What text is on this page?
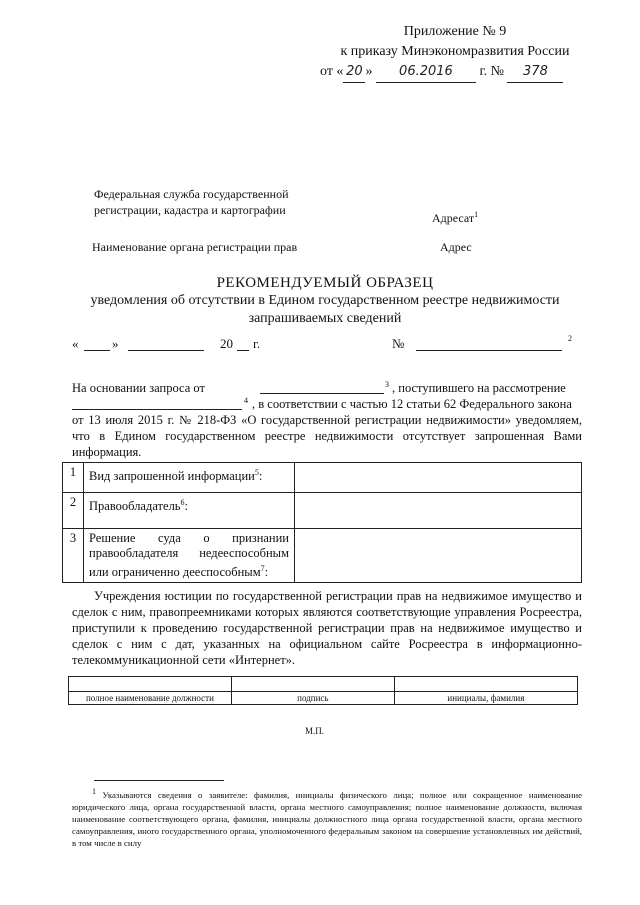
Приложение № 9
к приказу Минэкономразвития России
от « 20 » 06.2016 г. № 378
Федеральная служба государственной
регистрации, кадастра и картографии
Адресат$^1$
Наименование органа регистрации прав	Адрес
РЕКОМЕНДУЕМЫЙ ОБРАЗЕЦ
уведомления об отсутствии в Едином государственном реестре недвижимости
запрашиваемых сведений
«	»	20 г.	№	2
На основании запроса от	3 , поступившего на рассмотрение
4 , в соответствии с частью 12 статьи 62 Федерального закона
от 13 июля 2015 г. № 218-ФЗ «О государственной регистрации недвижимости» уведомляем, что в Едином государственном реестре недвижимости отсутствует запрошенная Вами информация.
1	Вид запрошенной информации$^5$:	
2	Правообладатель$^6$:	
3	Решение суда о признании правообладателя недееспособным или ограниченно дееспособным$^7$:	
Учреждения юстиции по государственной регистрации прав на недвижимое имущество и сделок с ним, правопреемниками которых являются соответствующие управления Росреестра, приступили к проведению государственной регистрации прав на недвижимое имущество и сделок с ним с дат, указанных на официальном сайте Росреестра в информационно-телекоммуникационной сети «Интернет».

полное наименование должности	подпись	инициалы, фамилия
М.П.
$^1$ Указываются сведения о заявителе: фамилия, инициалы физического лица; полное или сокращенное наименование юридического лица, органа государственной власти, органа местного самоуправления; полное наименование должности, включая наименование соответствующего органа, фамилия, инициалы должностного лица органа государственной власти, органа местного самоуправления, иного государственного органа, уполномоченного федеральным законом на совершение установленных им действий, в том числе в силу
